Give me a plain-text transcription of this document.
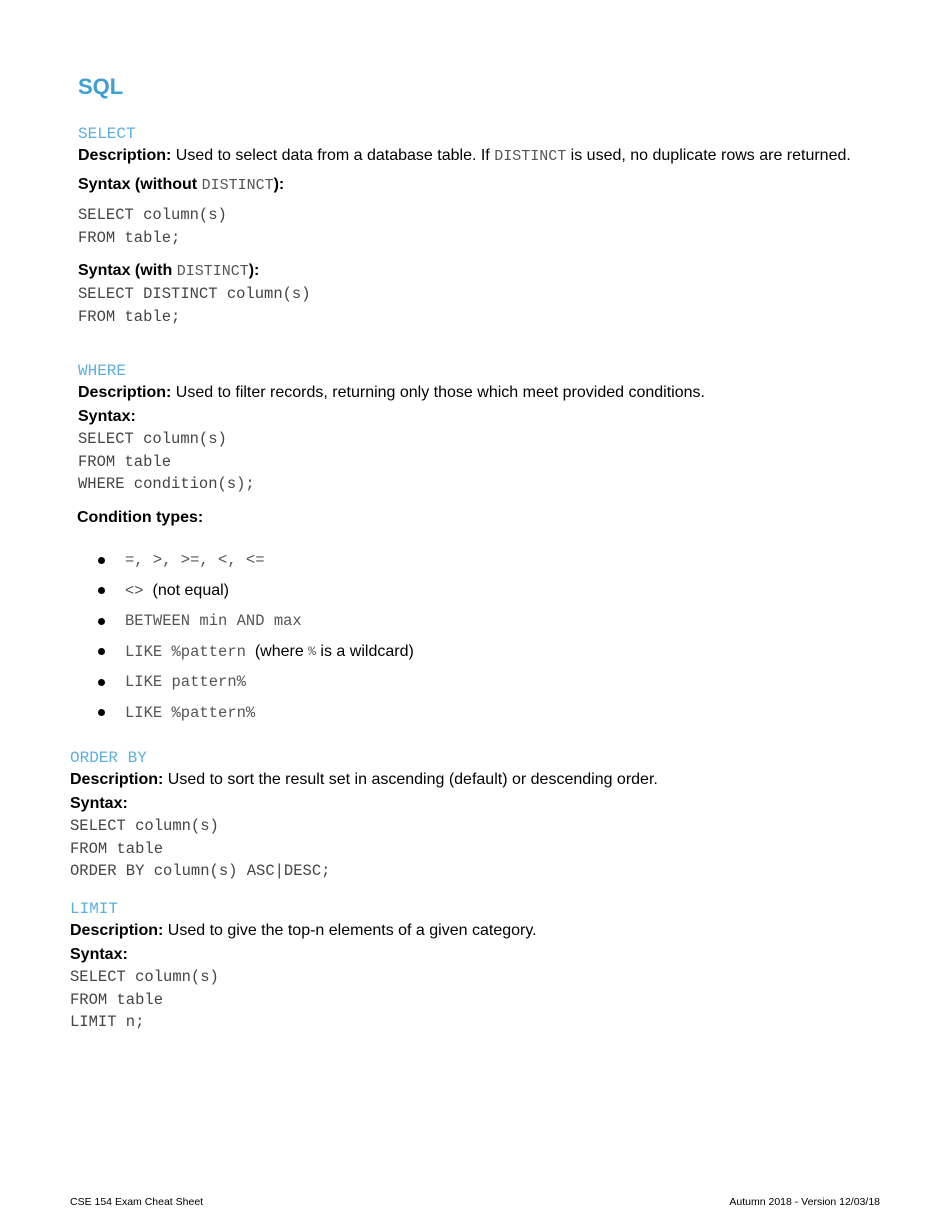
SQL
SELECT
Description: Used to select data from a database table. If DISTINCT is used, no duplicate rows are returned.
Syntax (without DISTINCT):
SELECT column(s)
FROM table;
Syntax (with DISTINCT):
SELECT DISTINCT column(s)
FROM table;
WHERE
Description: Used to filter records, returning only those which meet provided conditions.
Syntax:
SELECT column(s)
FROM table
WHERE condition(s);
Condition types:
=, >, >=, <, <=
<> (not equal)
BETWEEN min AND max
LIKE %pattern (where % is a wildcard)
LIKE pattern%
LIKE %pattern%
ORDER BY
Description: Used to sort the result set in ascending (default) or descending order.
Syntax:
SELECT column(s)
FROM table
ORDER BY column(s) ASC|DESC;
LIMIT
Description: Used to give the top-n elements of a given category.
Syntax:
SELECT column(s)
FROM table
LIMIT n;
CSE 154 Exam Cheat Sheet	Autumn 2018 - Version 12/03/18
